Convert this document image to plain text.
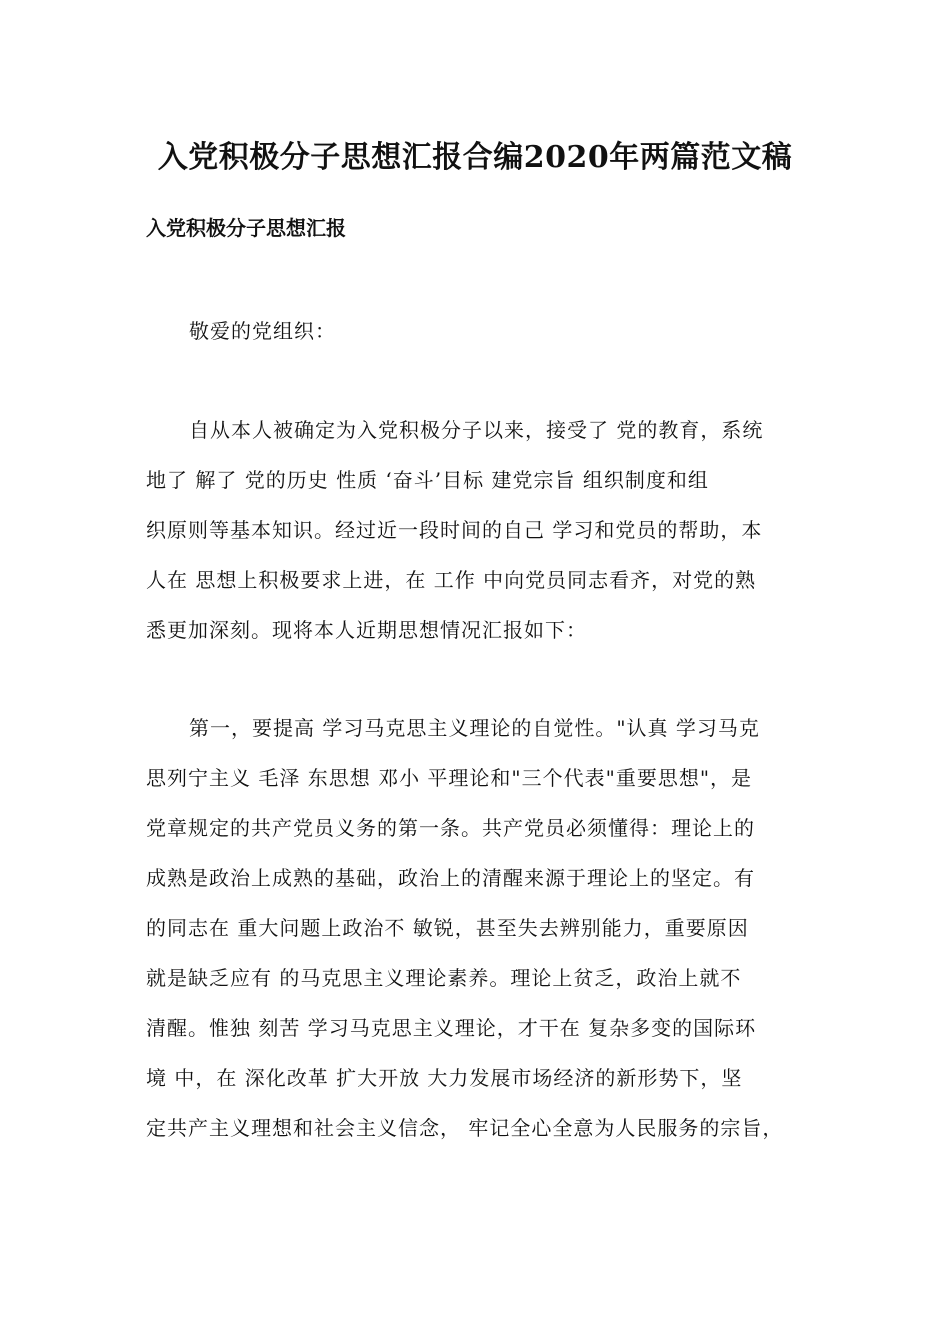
入党积极分子思想汇报合编2020年两篇范文稿
入党积极分子思想汇报
敬爱的党组织：
自从本人被确定为入党积极分子以来，接受了 党的教育，系统
地了 解了 党的历史 性质 ‘奋斗’目标 建党宗旨 组织制度和组
织原则等基本知识。经过近一段时间的自己 学习和党员的帮助，本
人在 思想上积极要求上进，在 工作 中向党员同志看齐，对党的熟
悉更加深刻。现将本人近期思想情况汇报如下：
第一，要提高 学习马克思主义理论的自觉性。"认真 学习马克
思列宁主义 毛泽 东思想 邓小 平理论和"三个代表"重要思想"，是
党章规定的共产党员义务的第一条。共产党员必须懂得：理论上的
成熟是政治上成熟的基础，政治上的清醒来源于理论上的坚定。有
的同志在 重大问题上政治不 敏锐，甚至失去辨别能力，重要原因
就是缺乏应有 的马克思主义理论素养。理论上贫乏，政治上就不
清醒。惟独 刻苦 学习马克思主义理论，才干在 复杂多变的国际环
境 中，在 深化改革 扩大开放 大力发展市场经济的新形势下，坚
定共产主义理想和社会主义信念， 牢记全心全意为人民服务的宗旨，
